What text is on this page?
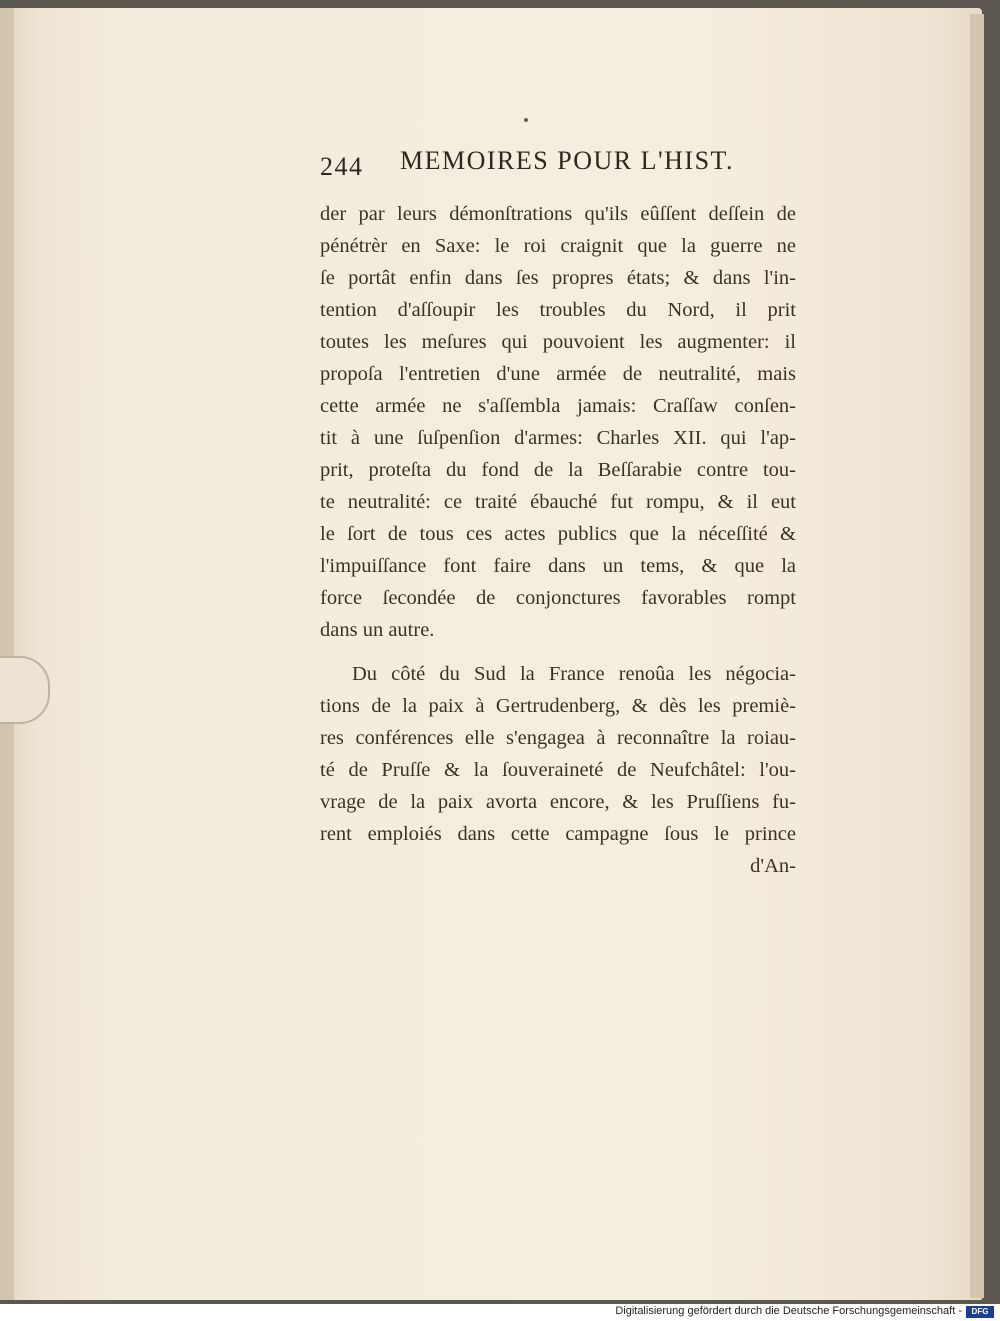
244 MEMOIRES POUR L'HIST.
der par leurs démonſtrations qu'ils eûſſent deſſein de
pénétrèr en Saxe: le roi craignit que la guerre ne
ſe portât enfin dans ſes propres états; & dans l'in-
tention d'aſſoupir les troubles du Nord, il prit
toutes les meſures qui pouvoient les augmenter: il
propoſa l'entretien d'une armée de neutralité, mais
cette armée ne s'aſſembla jamais: Craſſaw conſen-
tit à une ſuſpenſion d'armes: Charles XII. qui l'ap-
prit, proteſta du fond de la Beſſarabie contre tou-
te neutralité: ce traité ébauché fut rompu, & il eut
le ſort de tous ces actes publics que la néceſſité &
l'impuiſſance font faire dans un tems, & que la
force ſecondée de conjonctures favorables rompt
dans un autre.
Du côté du Sud la France renoûa les négocia-
tions de la paix à Gertrudenberg, & dès les premiè-
res conférences elle s'engagea à reconnaître la roiau-
té de Pruſſe & la ſouveraineté de Neufchâtel: l'ou-
vrage de la paix avorta encore, & les Pruſſiens fu-
rent emploiés dans cette campagne ſous le prince
d'An-
Digitalisierung gefördert durch die Deutsche Forschungsgemeinschaft -	DFG
